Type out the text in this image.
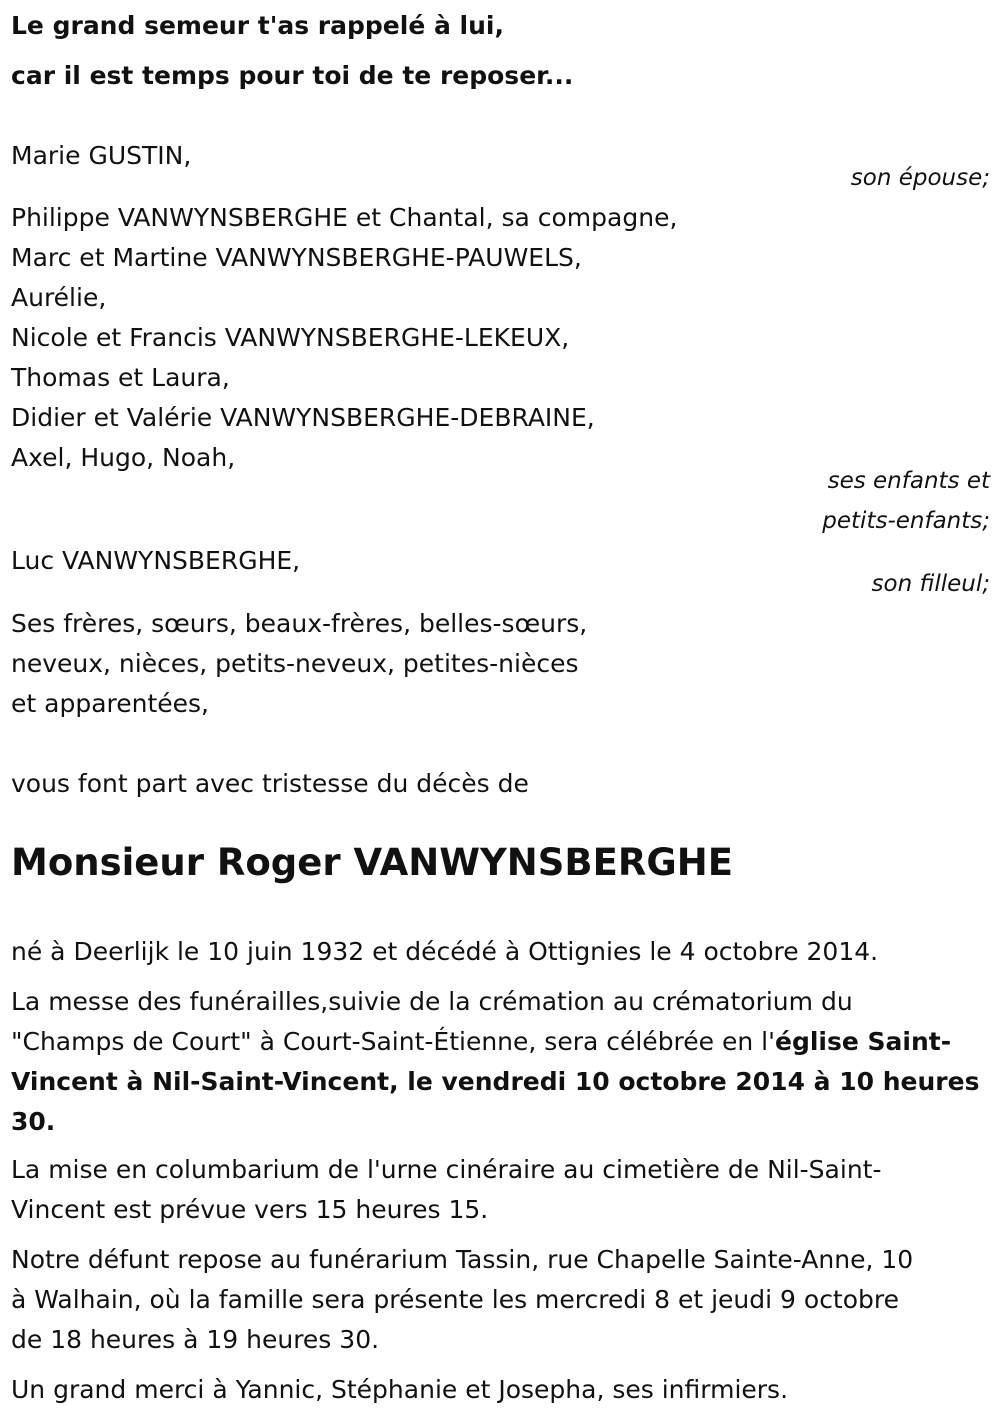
Le grand semeur t'as rappelé à lui,

car il est temps pour toi de te reposer...

Marie GUSTIN,

son épouse;

Philippe VANWYNSBERGHE et Chantal, sa compagne,

Marc et Martine VANWYNSBERGHE-PAUWELS,

Aurélie,

Nicole et Francis VANWYNSBERGHE-LEKEUX,

Thomas et Laura,

Didier et Valérie VANWYNSBERGHE-DEBRAINE,

Axel, Hugo, Noah,

ses enfants et

petits-enfants;

Luc VANWYNSBERGHE,

son filleul;

Ses frères, sœurs, beaux-frères, belles-sœurs,

neveux, nièces, petits-neveux, petites-nièces

et apparentées,

vous font part avec tristesse du décès de

Monsieur Roger VANWYNSBERGHE

né à Deerlijk le 10 juin 1932 et décédé à Ottignies le 4 octobre 2014.

La messe des funérailles,suivie de la crémation au crématorium du

"Champs de Court" à Court-Saint-Étienne, sera célébrée en l'église Saint-

Vincent à Nil-Saint-Vincent, le vendredi 10 octobre 2014 à 10 heures

30.

La mise en columbarium de l'urne cinéraire au cimetière de Nil-Saint-

Vincent est prévue vers 15 heures 15.

Notre défunt repose au funérarium Tassin, rue Chapelle Sainte-Anne, 10

à Walhain, où la famille sera présente les mercredi 8 et jeudi 9 octobre

de 18 heures à 19 heures 30.

Un grand merci à Yannic, Stéphanie et Josepha, ses infirmiers.
